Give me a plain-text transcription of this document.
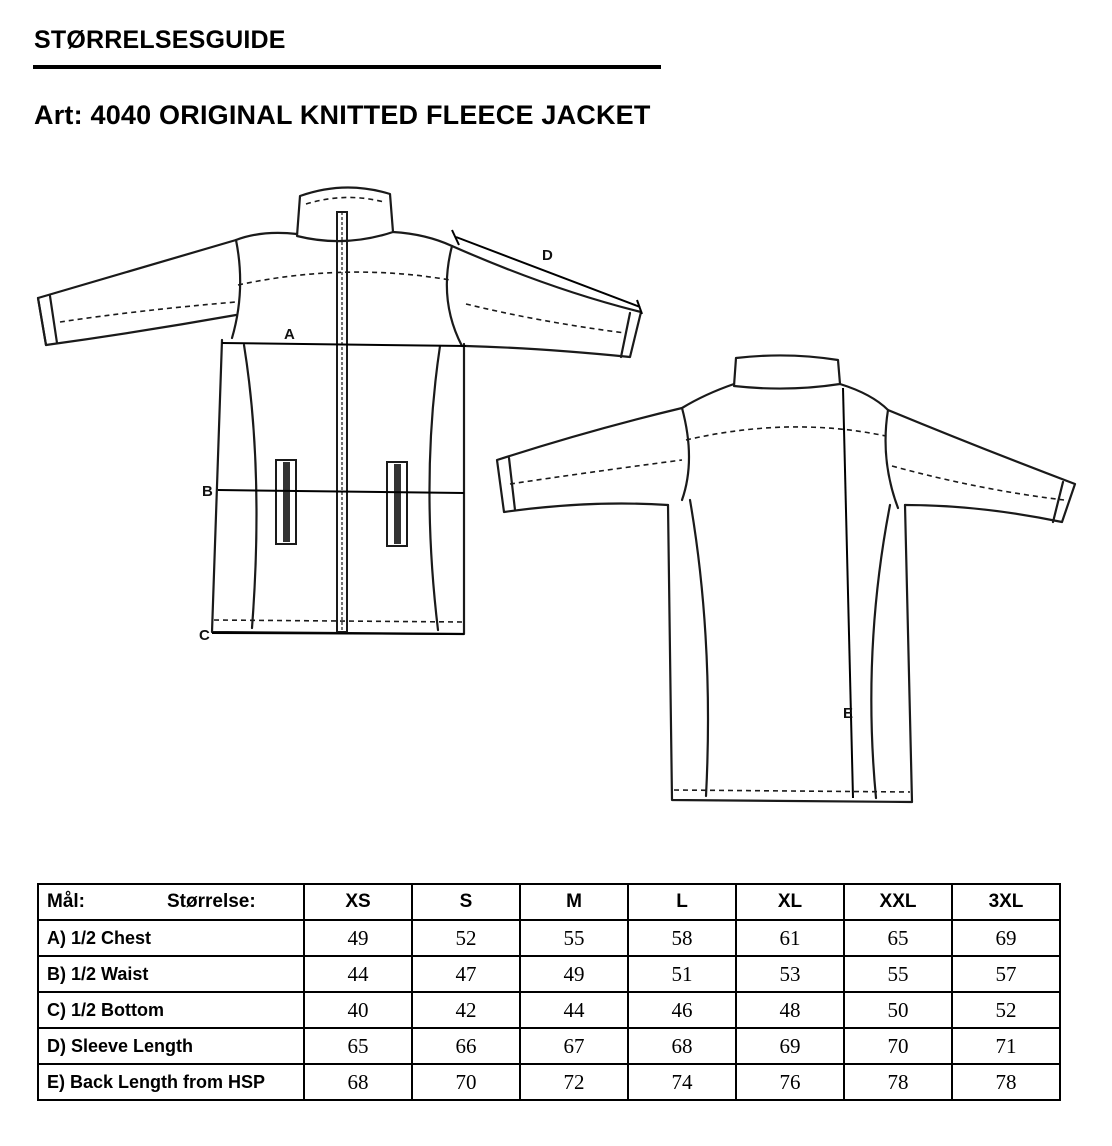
STØRRELSESGUIDE
Art: 4040 ORIGINAL KNITTED FLEECE JACKET
A
B
C
D
E
Mål: Størrelse:	XS	S	M	L	XL	XXL	3XL
A) 1/2 Chest	49	52	55	58	61	65	69
B) 1/2 Waist	44	47	49	51	53	55	57
C) 1/2 Bottom	40	42	44	46	48	50	52
D) Sleeve Length	65	66	67	68	69	70	71
E) Back Length from HSP	68	70	72	74	76	78	78
